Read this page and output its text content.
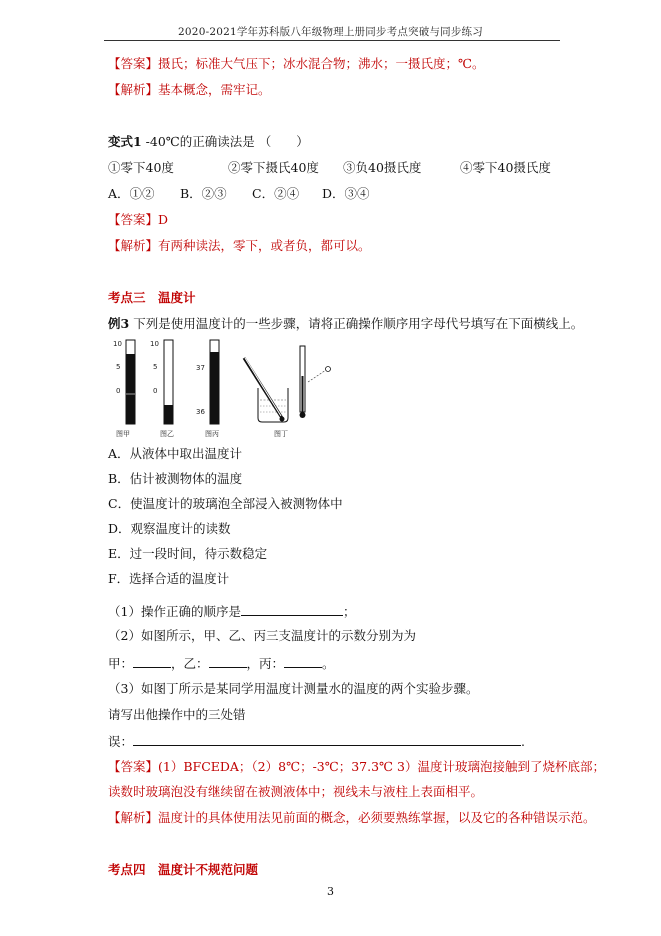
2020-2021学年苏科版八年级物理上册同步考点突破与同步练习
【答案】摄氏；标准大气压下；冰水混合物；沸水；一摄氏度；℃。
【解析】基本概念，需牢记。
变式1 -40℃的正确读法是 （　　）
①零下40度	②零下摄氏40度 ③负40摄氏度	④零下40摄氏度
A．①② B．②③ C．②④ D．③④
【答案】D
【解析】有两种读法，零下，或者负，都可以。
考点三　温度计
例3 下列是使用温度计的一些步骤，请将正确操作顺序用字母代号填写在下面横线上。
10
5
0
图甲
10
5
0
图乙
37
36
图丙	图丁
A．从液体中取出温度计
B．估计被测物体的温度
C．使温度计的玻璃泡全部浸入被测物体中
D．观察温度计的读数
E．过一段时间，待示数稳定
F．选择合适的温度计
（1）操作正确的顺序是	；
（2）如图所示，甲、乙、丙三支温度计的示数分别为为
甲：	，乙：	，丙：	。
（3）如图丁所示是某同学用温度计测量水的温度的两个实验步骤。
请写出他操作中的三处错
误：	.
【答案】(1）BFCEDA；（2）8℃；-3℃；37.3℃ 3）温度计玻璃泡接触到了烧杯底部；
读数时玻璃泡没有继续留在被测液体中；视线未与液柱上表面相平。
【解析】温度计的具体使用法见前面的概念，必须要熟练掌握，以及它的各种错误示范。
考点四　温度计不规范问题
3
